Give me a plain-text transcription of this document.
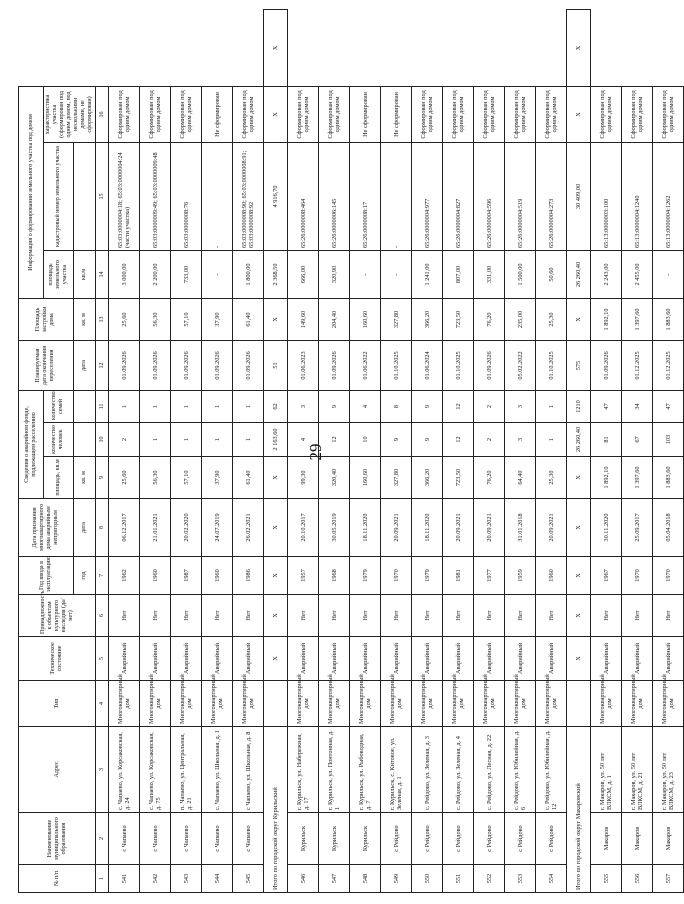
29
№ п/п	Наименование муниципального образования	Адрес	Тип	Техническое состояние	Принадлежность к объектам культурного наследия (да/нет)	Год ввода в эксплуатацию	Дата признания многоквартирного дома аварийным/ непригодным	Сведения о аварийном фонде, подлежащем расселению			Планируемая дата окончания переселения	Площадь застройки дома	Информация о формировании земельного участка под домом			
								площадь, кв.м	количество человек	количество семей			площадь земельного участка	кадастровый номер земельного участка	характеристика участка (сформирован под одним домом, под несколькими домами, не сформирован)	
						год	дата	кв. м			дата	кв. м	кв.м			
1	2	3	4	5	6	7	8	9	10	11	12	13	14	15	16	
541	с Чапаево	с. Чапаево, ул. Корсаковская, д. 24	Многоквартирный дом	Аварийный	Нет	1962	06.12.2017	25,60	2	1	01.09.2026	25,60	3 000,00	65:03:0000004:18; 65:03:0000004:24 (части участка)	Сформирован под одним домом	
542	с Чапаево	с. Чапаево, ул. Корсаковская, д. 75	Многоквартирный дом	Аварийный	Нет	1960	21.01.2021	56,30	1	1	01.09.2026	56,30	2 200,00	65:03:0000009:49; 65:03:0000009:48	Сформирован под одним домом	
543	с Чапаево	п. Чапаево, ул. Центральная, д. 21	Многоквартирный дом	Аварийный	Нет	1987	20.02.2020	57,10	1	1	01.09.2026	57,10	733,00	65:03:0000008:76	Сформирован под одним домом	
544	с Чапаево	с. Чапаево, ул. Школьная, д. 1	Многоквартирный дом	Аварийный	Нет	1960	24.07.2019	37,90	1	1	01.09.2026	37,90	-	-	Не сформирован	
545	с Чапаево	с Чапаево, ул. Школьная, д. 8	Многоквартирный дом	Аварийный	Нет	1986	26.02.2021	61,40	1	1	01.09.2026	61,40	1 800,00	65:03:0000008:90; 65:03:0000008:91; 65:03:0000008:92	Сформирован под одним домом	
Итого по городской округ Курильский				Х	Х	Х	Х	Х	2 163,60	62	51	Х	2 368,50	4 916,70	Х	Х
546	Курильск	г. Курильск, ул. Набережная, д. 17	Многоквартирный дом	Аварийный	Нет	1957	20.10.2017	99,30	4	3	01.06.2023	149,60	666,00	65:26:0000008:464	Сформирован под одним домом	
547	Курильск	г. Курильск, ул. Понтонная, д. 1	Многоквартирный дом	Аварийный	Нет	1968	30.05.2019	320,40	12	9	01.09.2026	204,40	320,90	65:26:0000006:145	Сформирован под одним домом	
548	Курильск	г. Курильск, ул. Рыбоводная, д. 7	Многоквартирный дом	Аварийный	Нет	1979	18.11.2020	160,60	10	4	01.06.2022	160,60	-	65:26:0000008:17	Не сформирован	
549	с Рейдово	г. Курильск, с. Китовое, ул. Зеленая, д. 1	Многоквартирный дом	Аварийный	Нет	1970	20.09.2021	327,80	9	8	01.10.2025	327,80	-	-	Не сформирован	
550	с Рейдово	с. Рейдово, ул. Зеленая, д. 3	Многоквартирный дом	Аварийный	Нет	1979	18.11.2020	366,20	9	9	01.06.2024	366,20	1 241,00	65:26:0000004:977	Сформирован под одним домом	
551	с Рейдово	с. Рейдово, ул. Зеленая, д. 4	Многоквартирный дом	Аварийный	Нет	1981	20.09.2021	723,50	12	12	01.10.2025	723,50	807,00	65:26:0000004:827	Сформирован под одним домом	
552	с Рейдово	с. Рейдово, ул. Лесная, д. 22	Многоквартирный дом	Аварийный	Нет	1977	20.09.2021	76,20	2	2	01.09.2026	76,20	331,00	65:26:0000004:596	Сформирован под одним домом	
553	с Рейдово	с. Рейдово, ул. Юбилейная, д. 6	Многоквартирный дом	Аварийный	Нет	1959	31.01.2018	64,40	3	3	05.02.2022	235,00	1 500,00	65:26:0000004:519	Сформирован под одним домом	
554	с Рейдово	с. Рейдово, ул. Юбилейная, д. 12	Многоквартирный дом	Аварийный	Нет	1960	20.09.2021	25,30	1	1	01.10.2025	25,30	50,60	65:26:0000004:273	Сформирован под одним домом	
Итого по городской округ Макаровский				Х	Х	Х	Х	Х	26 260,40	1210	575	Х	26 260,40	30 409,00	Х	Х
555	Макаров	г. Макаров, ул. 50 лет ВЛКСМ, д. 1	Многоквартирный дом	Аварийный	Нет	1967	30.11.2020	1 892,10	81	47	01.09.2026	1 892,10	2 243,00	65:13:0000003:100	Сформирован под одним домом	
556	Макаров	г. Макаров, ул. 50 лет ВЛКСМ, д. 21	Многоквартирный дом	Аварийный	Нет	1970	25.09.2017	1 397,60	67	34	01.12.2025	1 397,60	2 455,00	65:13:0000004:1240	Сформирован под одним домом	
557	Макаров	г. Макаров, ул. 50 лет ВЛКСМ, д. 23	Многоквартирный дом	Аварийный	Нет	1970	05.04.2018	1 883,60	103	47	01.12.2025	1 883,60	-	65:13:0000004:1262	Сформирован под одним домом	
